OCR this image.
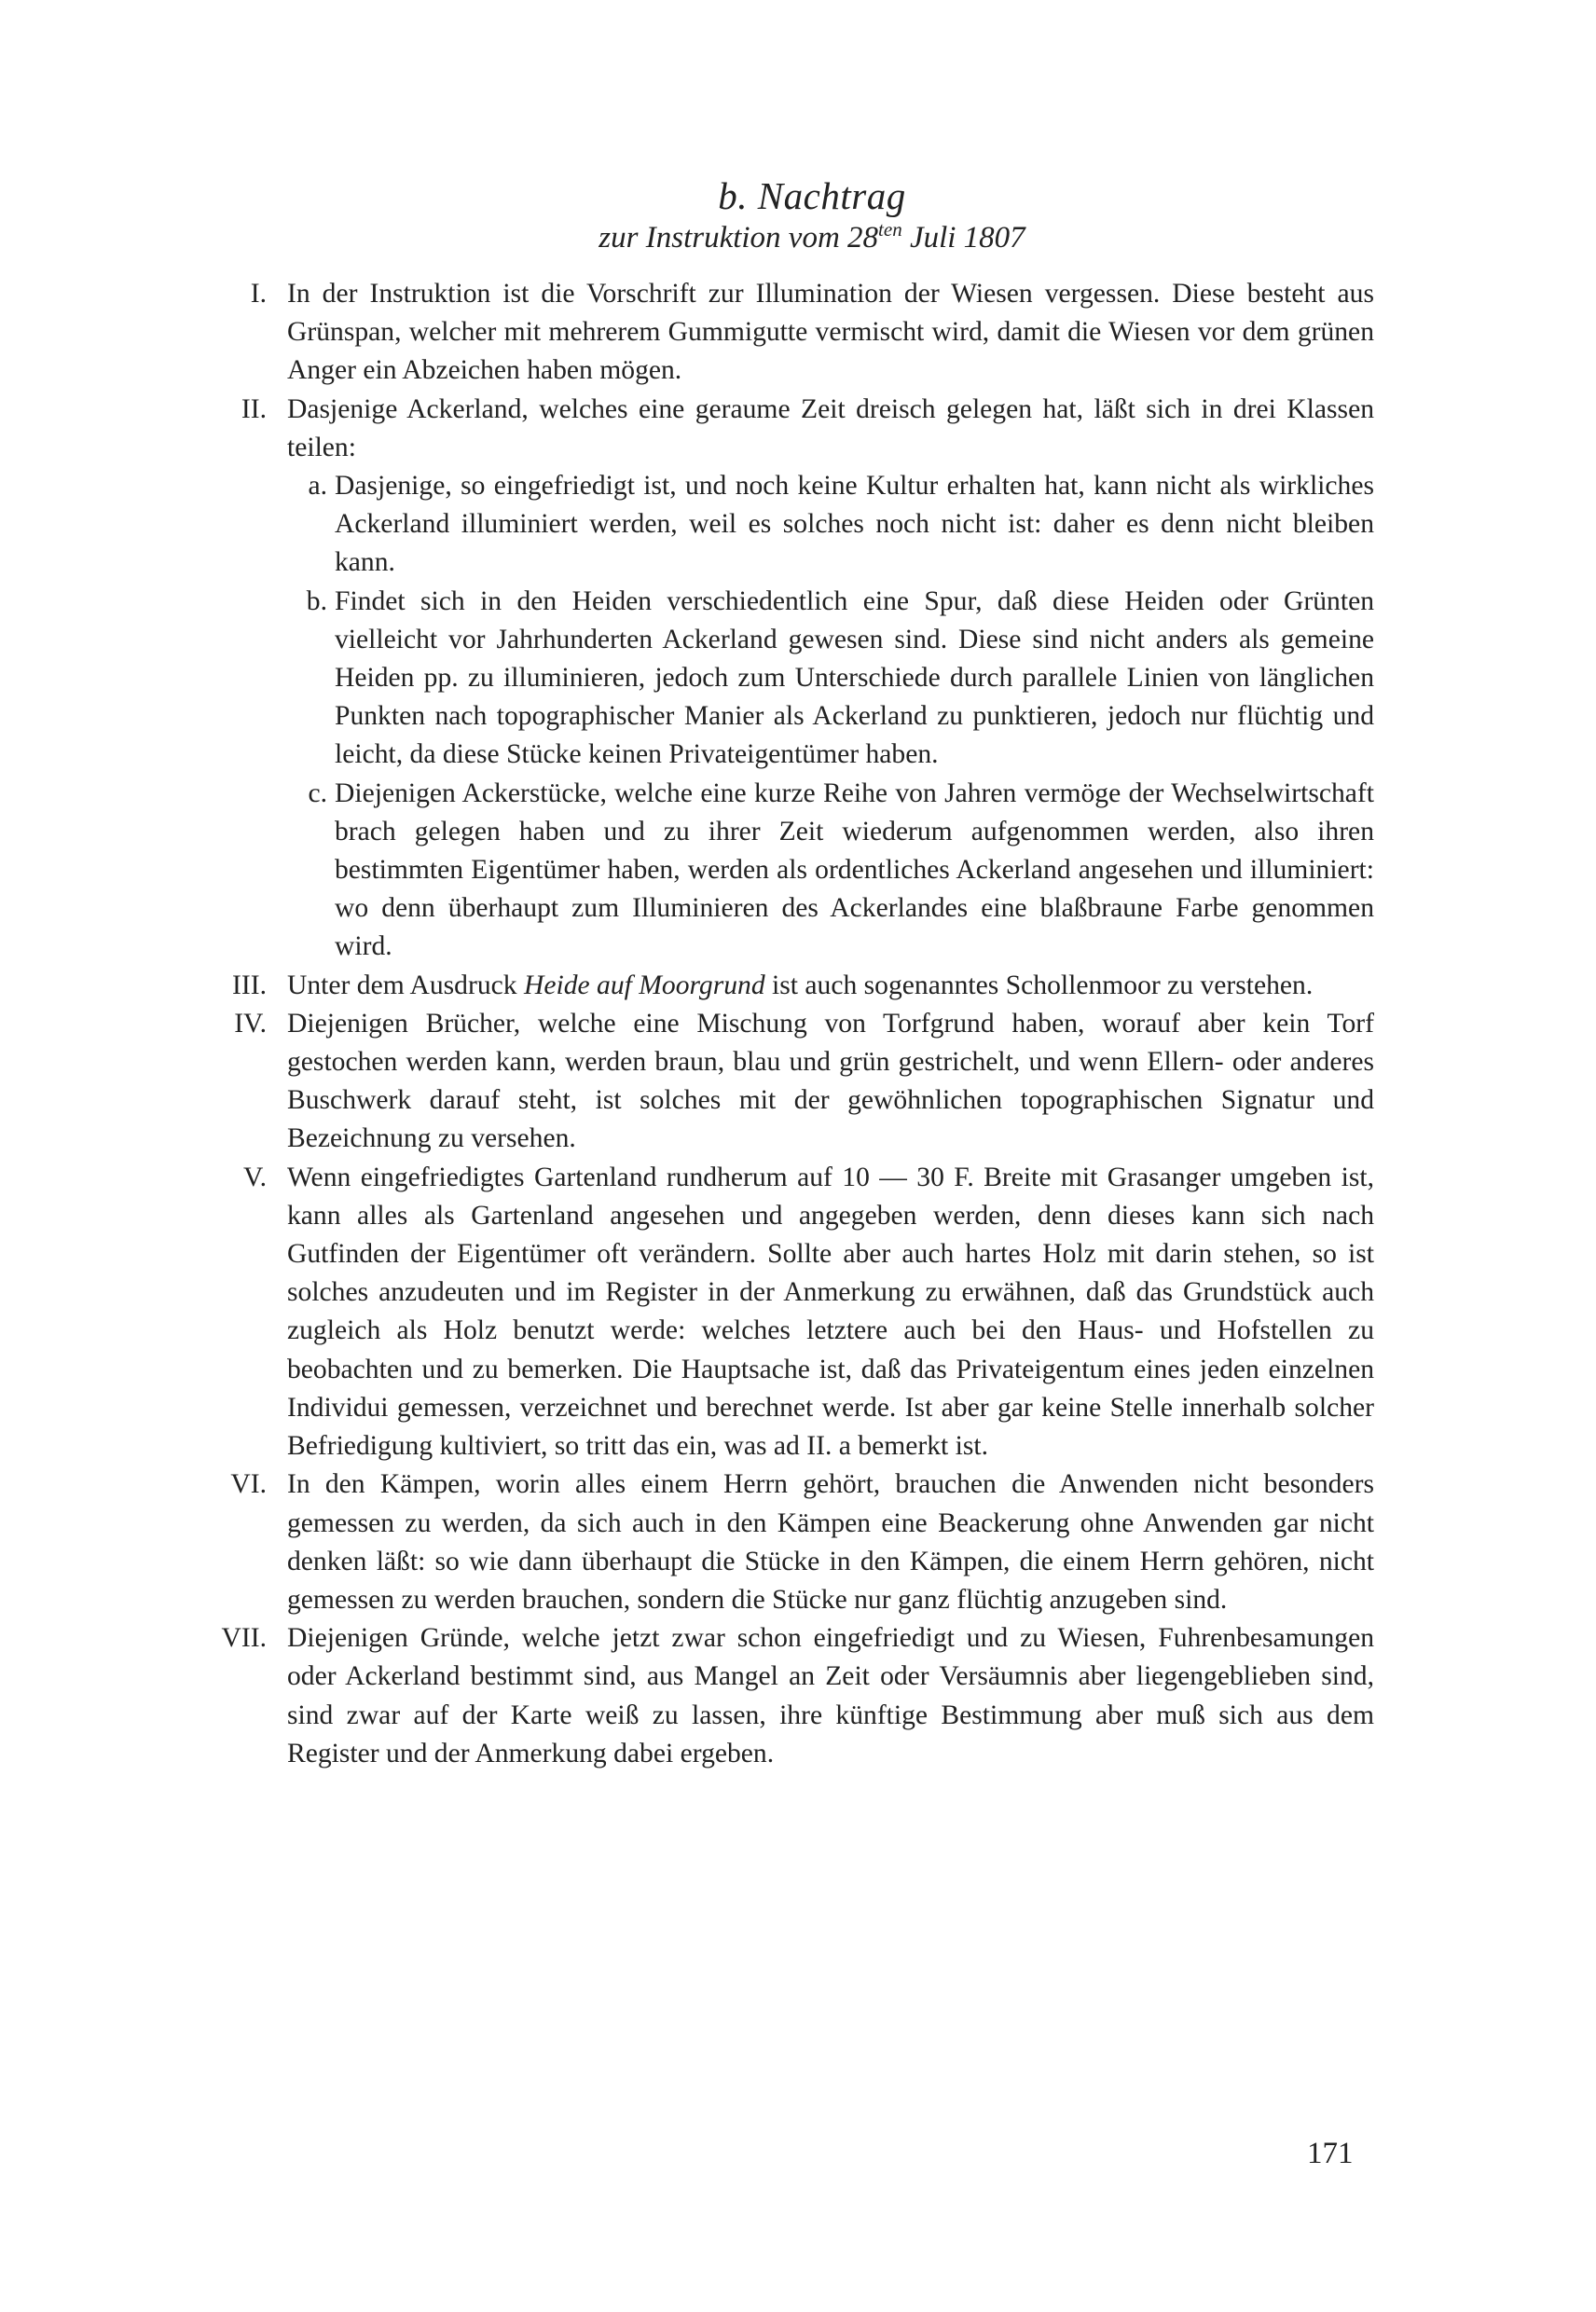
b. Nachtrag
zur Instruktion vom $28^{ten}$ Juli 1807
I. In der Instruktion ist die Vorschrift zur Illumination der Wiesen vergessen. Diese besteht aus Grünspan, welcher mit mehrerem Gummigutte vermischt wird, damit die Wiesen vor dem grünen Anger ein Abzeichen haben mögen.
II. Dasjenige Ackerland, welches eine geraume Zeit dreisch gelegen hat, läßt sich in drei Klassen teilen:
a. Dasjenige, so eingefriedigt ist, und noch keine Kultur erhalten hat, kann nicht als wirkliches Ackerland illuminiert werden, weil es solches noch nicht ist: daher es denn nicht bleiben kann.
b. Findet sich in den Heiden verschiedentlich eine Spur, daß diese Heiden oder Grünten vielleicht vor Jahrhunderten Ackerland gewesen sind. Diese sind nicht anders als gemeine Heiden pp. zu illuminieren, jedoch zum Unterschiede durch parallele Linien von länglichen Punkten nach topographischer Manier als Ackerland zu punktieren, jedoch nur flüchtig und leicht, da diese Stücke keinen Privateigentümer haben.
c. Diejenigen Ackerstücke, welche eine kurze Reihe von Jahren vermöge der Wechselwirtschaft brach gelegen haben und zu ihrer Zeit wiederum aufgenommen werden, also ihren bestimmten Eigentümer haben, werden als ordentliches Ackerland angesehen und illuminiert: wo denn überhaupt zum Illuminieren des Ackerlandes eine blaßbraune Farbe genommen wird.
III. Unter dem Ausdruck Heide auf Moorgrund ist auch sogenanntes Schollenmoor zu verstehen.
IV. Diejenigen Brücher, welche eine Mischung von Torfgrund haben, worauf aber kein Torf gestochen werden kann, werden braun, blau und grün gestrichelt, und wenn Ellern- oder anderes Buschwerk darauf steht, ist solches mit der gewöhnlichen topographischen Signatur und Bezeichnung zu versehen.
V. Wenn eingefriedigtes Gartenland rundherum auf 10 — 30 F. Breite mit Grasanger umgeben ist, kann alles als Gartenland angesehen und angegeben werden, denn dieses kann sich nach Gutfinden der Eigentümer oft verändern. Sollte aber auch hartes Holz mit darin stehen, so ist solches anzudeuten und im Register in der Anmerkung zu erwähnen, daß das Grundstück auch zugleich als Holz benutzt werde: welches letztere auch bei den Haus- und Hofstellen zu beobachten und zu bemerken. Die Hauptsache ist, daß das Privateigentum eines jeden einzelnen Individui gemessen, verzeichnet und berechnet werde. Ist aber gar keine Stelle innerhalb solcher Befriedigung kultiviert, so tritt das ein, was ad II. a bemerkt ist.
VI. In den Kämpen, worin alles einem Herrn gehört, brauchen die Anwenden nicht besonders gemessen zu werden, da sich auch in den Kämpen eine Beackerung ohne Anwenden gar nicht denken läßt: so wie dann überhaupt die Stücke in den Kämpen, die einem Herrn gehören, nicht gemessen zu werden brauchen, sondern die Stücke nur ganz flüchtig anzugeben sind.
VII. Diejenigen Gründe, welche jetzt zwar schon eingefriedigt und zu Wiesen, Fuhrenbesamungen oder Ackerland bestimmt sind, aus Mangel an Zeit oder Versäumnis aber liegengeblieben sind, sind zwar auf der Karte weiß zu lassen, ihre künftige Bestimmung aber muß sich aus dem Register und der Anmerkung dabei ergeben.
171
